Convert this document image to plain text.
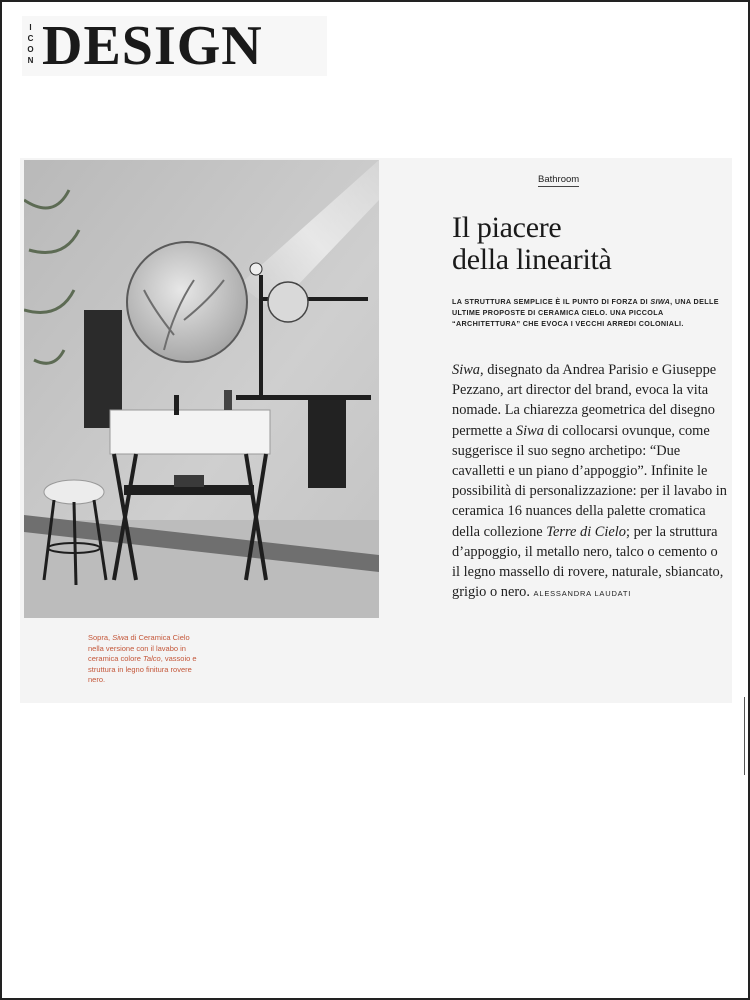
I
C
O
N DESIGN
Sopra, Siwa di Ceramica Cielo nella versione con il lavabo in ceramica colore Talco, vassoio e struttura in legno finitura rovere nero.
Bathroom
Il piacere
della linearità
LA STRUTTURA SEMPLICE È IL PUNTO DI FORZA DI SIWA, UNA DELLE ULTIME PROPOSTE DI CERAMICA CIELO. UNA PICCOLA “ARCHITETTURA” CHE EVOCA I VECCHI ARREDI COLONIALI.
Siwa, disegnato da Andrea Parisio e Giuseppe Pezzano, art director del brand, evoca la vita nomade. La chiarezza geometrica del disegno permette a Siwa di collocarsi ovunque, come suggerisce il suo segno archetipo: “Due cavalletti e un piano d’appoggio”. Infinite le possibilità di personalizzazione: per il lavabo in ceramica 16 nuances della palette cromatica della collezione Terre di Cielo; per la struttura d’appoggio, il metallo nero, talco o cemento o il legno massello di rovere, naturale, sbiancato, grigio o nero. ALESSANDRA LAUDATI
